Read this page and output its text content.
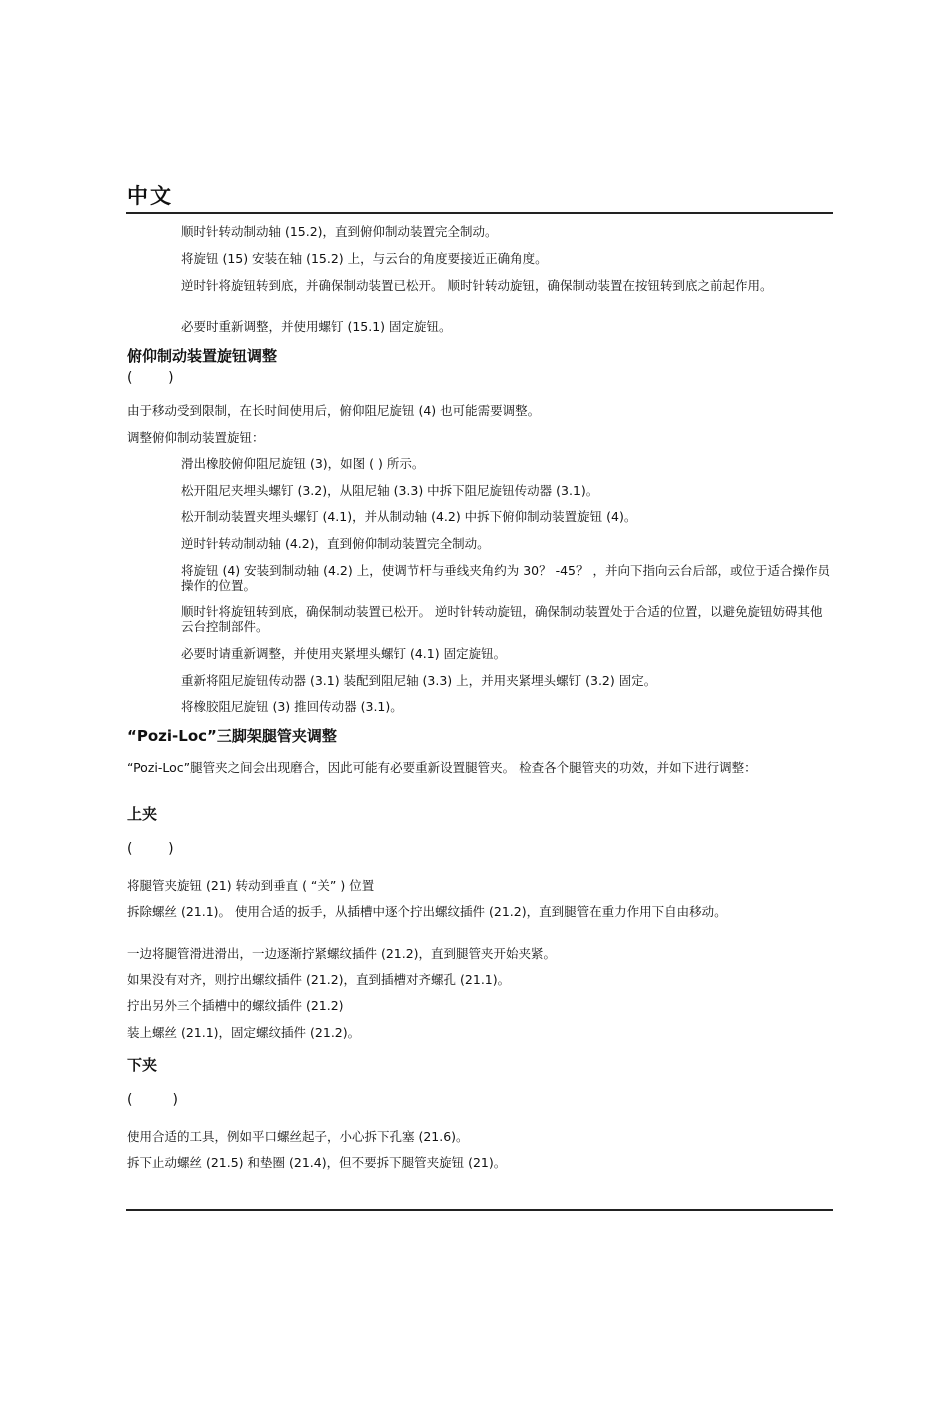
中文
顺时针转动制动轴 (15.2)，直到俯仰制动装置完全制动。
将旋钮 (15) 安装在轴 (15.2) 上，与云台的角度要接近正确角度。
逆时针将旋钮转到底，并确保制动装置已松开。 顺时针转动旋钮，确保制动装置在按钮转到底之前起作用。
必要时重新调整，并使用螺钉 (15.1) 固定旋钮。
俯仰制动装置旋钮调整
(        )
由于移动受到限制，在长时间使用后，俯仰阻尼旋钮 (4) 也可能需要调整。
调整俯仰制动装置旋钮：
滑出橡胶俯仰阻尼旋钮 (3)，如图 ( ) 所示。
松开阻尼夹埋头螺钉 (3.2)，从阻尼轴 (3.3) 中拆下阻尼旋钮传动器 (3.1)。
松开制动装置夹埋头螺钉 (4.1)，并从制动轴 (4.2) 中拆下俯仰制动装置旋钮 (4)。
逆时针转动制动轴 (4.2)，直到俯仰制动装置完全制动。
将旋钮 (4) 安装到制动轴 (4.2) 上，使调节杆与垂线夹角约为 30？ -45？ ，并向下指向云台后部，或位于适合操作员操作的位置。
顺时针将旋钮转到底，确保制动装置已松开。 逆时针转动旋钮，确保制动装置处于合适的位置，以避免旋钮妨碍其他云台控制部件。
必要时请重新调整，并使用夹紧埋头螺钉 (4.1) 固定旋钮。
重新将阻尼旋钮传动器 (3.1) 装配到阻尼轴 (3.3) 上，并用夹紧埋头螺钉 (3.2) 固定。
将橡胶阻尼旋钮 (3) 推回传动器 (3.1)。
“Pozi-Loc”三脚架腿管夹调整
“Pozi-Loc”腿管夹之间会出现磨合，因此可能有必要重新设置腿管夹。 检查各个腿管夹的功效，并如下进行调整：
上夹
(        )
将腿管夹旋钮 (21) 转动到垂直 ( “关” ) 位置
拆除螺丝 (21.1)。 使用合适的扳手，从插槽中逐个拧出螺纹插件 (21.2)，直到腿管在重力作用下自由移动。
一边将腿管滑进滑出，一边逐渐拧紧螺纹插件 (21.2)，直到腿管夹开始夹紧。
如果没有对齐，则拧出螺纹插件 (21.2)，直到插槽对齐螺孔 (21.1)。
拧出另外三个插槽中的螺纹插件 (21.2)
装上螺丝 (21.1)，固定螺纹插件 (21.2)。
下夹
(         )
使用合适的工具，例如平口螺丝起子，小心拆下孔塞 (21.6)。
拆下止动螺丝 (21.5) 和垫圈 (21.4)，但不要拆下腿管夹旋钮 (21)。
